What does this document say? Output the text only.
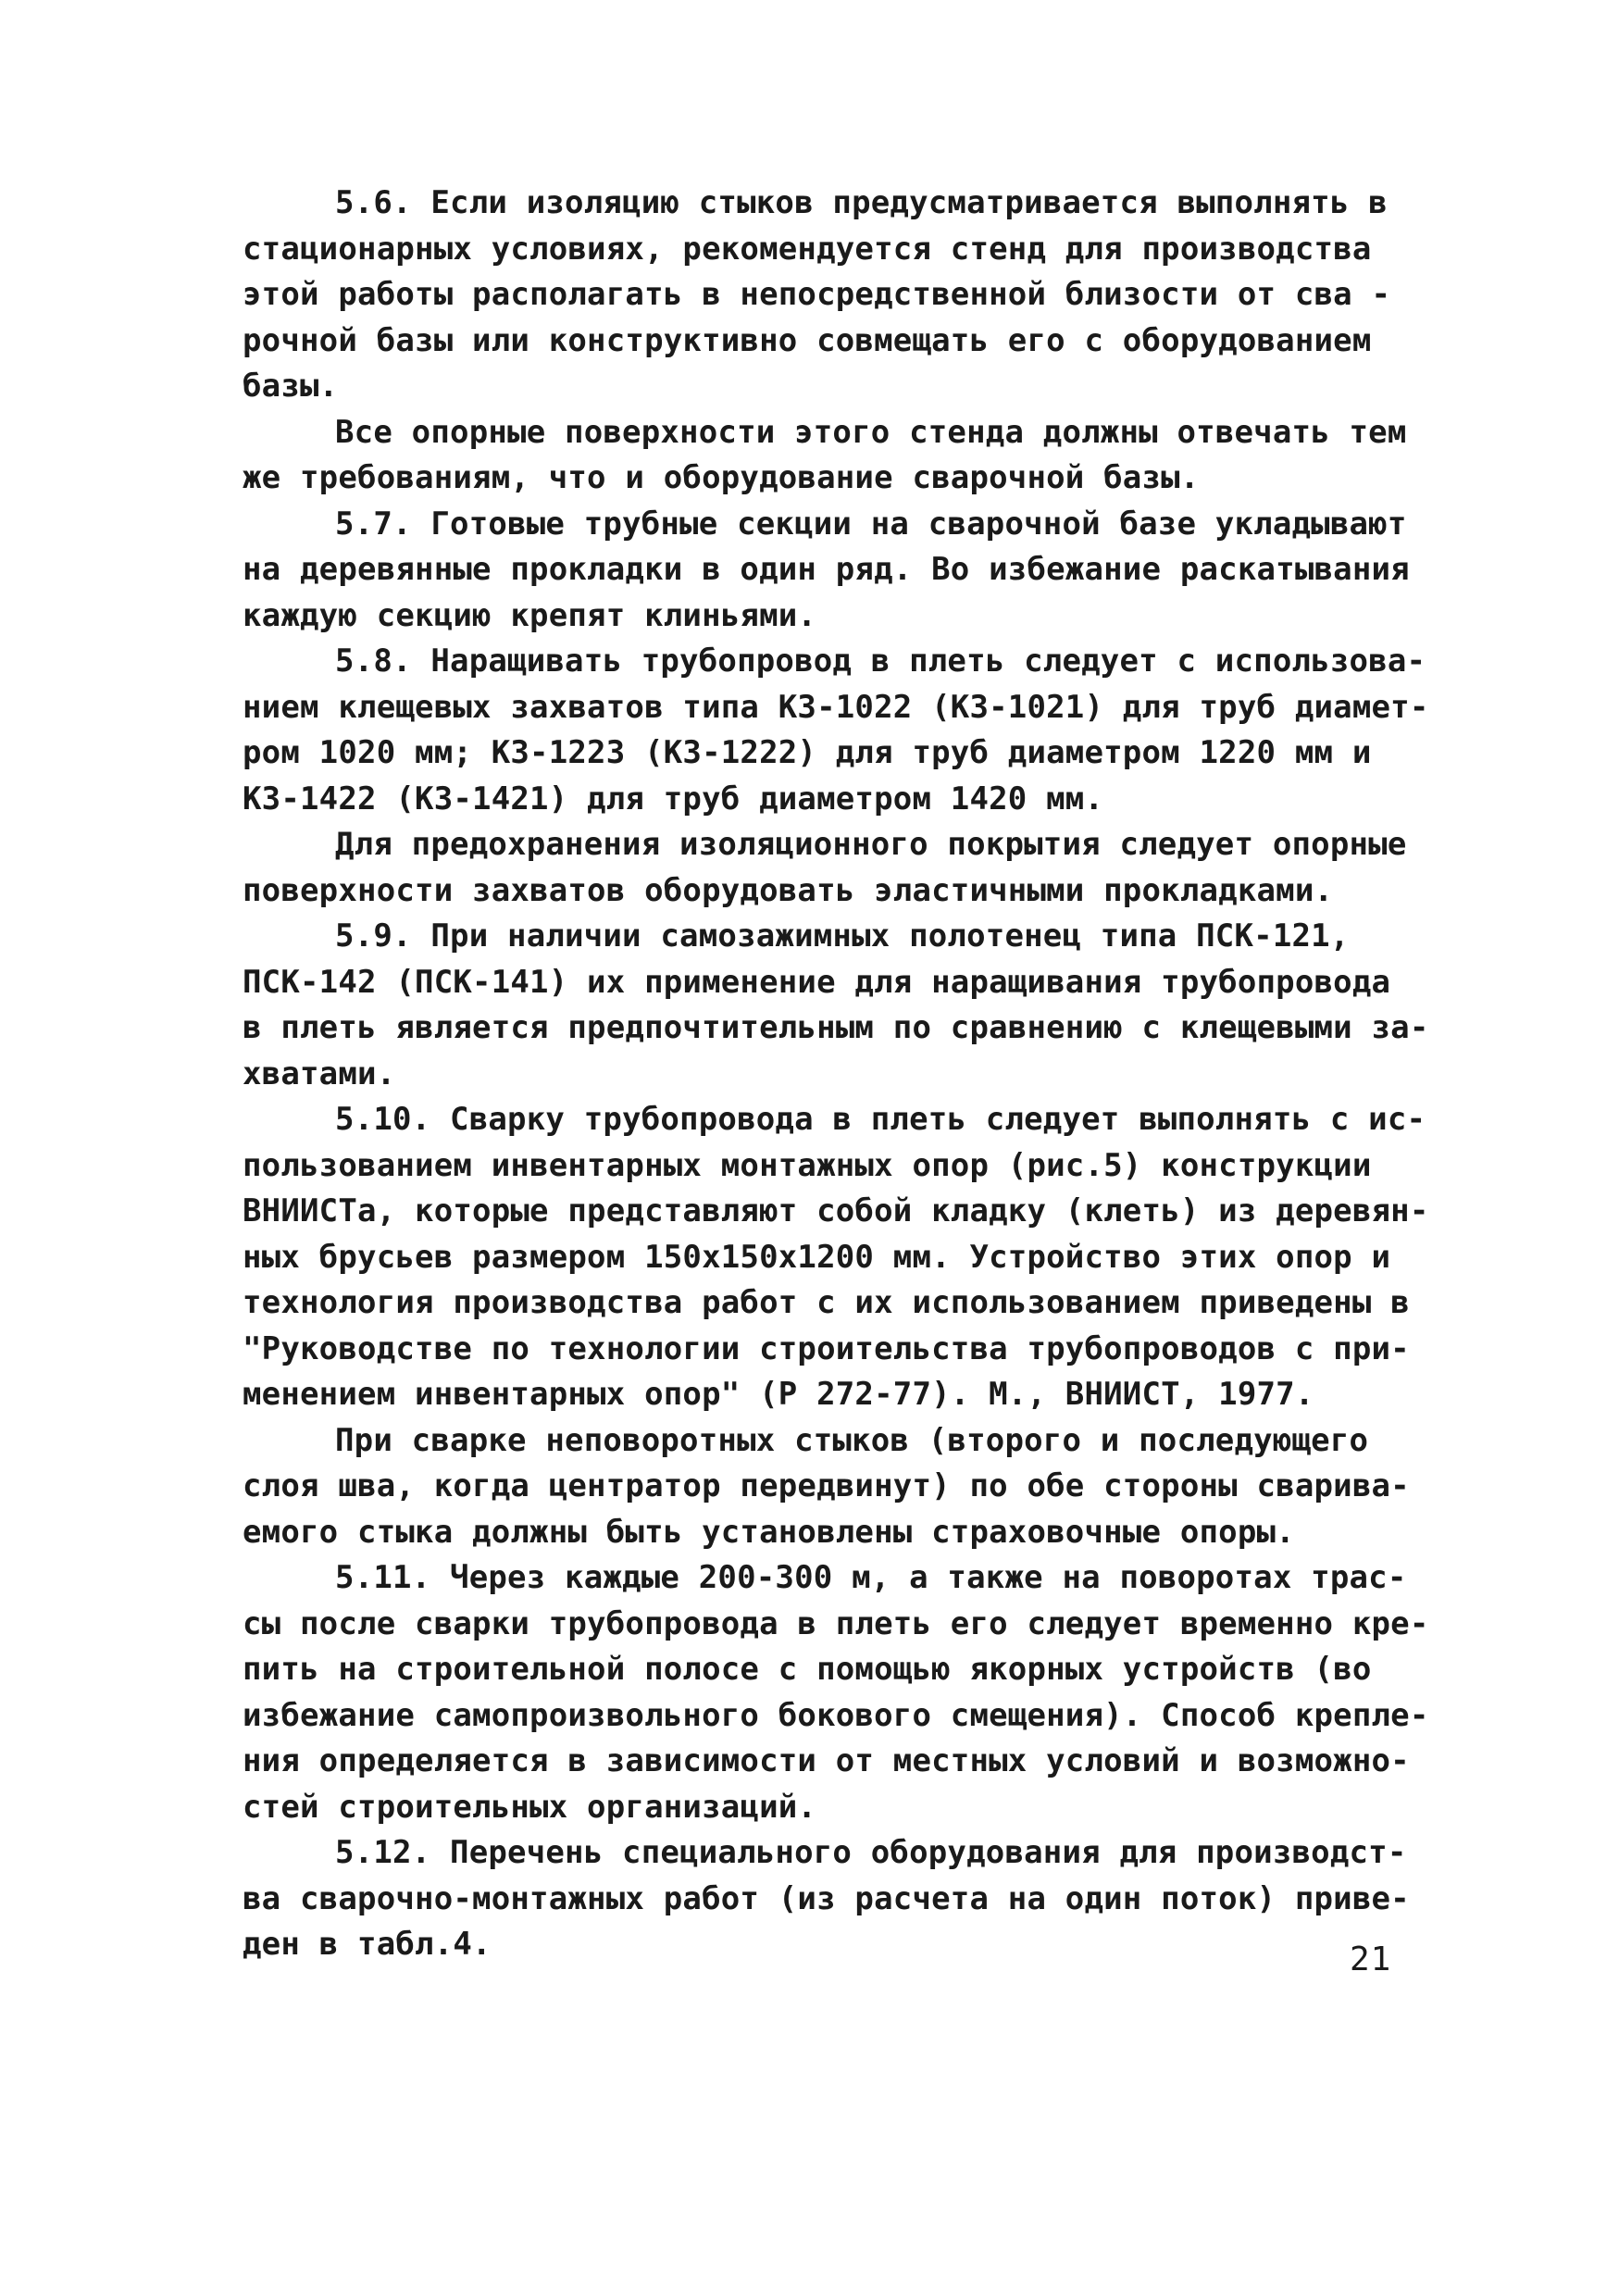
5.6. Если изоляцию стыков предусматривается выполнять в
стационарных условиях, рекомендуется стенд для производства
этой работы располагать в непосредственной близости от сва -
рочной базы или конструктивно совмещать его с оборудованием
базы.
Все опорные поверхности этого стенда должны отвечать тем
же требованиям, что и оборудование сварочной базы.
5.7. Готовые трубные секции на сварочной базе укладывают
на деревянные прокладки в один ряд. Во избежание раскатывания
каждую секцию крепят клиньями.
5.8. Наращивать трубопровод в плеть следует с использова-
нием клещевых захватов типа КЗ-1022 (КЗ-1021) для труб диамет-
ром 1020 мм; КЗ-1223 (КЗ-1222) для труб диаметром 1220 мм и
КЗ-1422 (КЗ-1421) для труб диаметром 1420 мм.
Для предохранения изоляционного покрытия следует опорные
поверхности захватов оборудовать эластичными прокладками.
5.9. При наличии самозажимных полотенец типа ПСК-121,
ПСК-142 (ПСК-141) их применение для наращивания трубопровода
в плеть является предпочтительным по сравнению с клещевыми за-
хватами.
5.10. Сварку трубопровода в плеть следует выполнять с ис-
пользованием инвентарных монтажных опор (рис.5) конструкции
ВНИИСТа, которые представляют собой кладку (клеть) из деревян-
ных брусьев размером 150х150х1200 мм. Устройство этих опор и
технология производства работ с их использованием приведены в
"Руководстве по технологии строительства трубопроводов с при-
менением инвентарных опор" (Р 272-77). М., ВНИИСТ, 1977.
При сварке неповоротных стыков (второго и последующего
слоя шва, когда центратор передвинут) по обе стороны сварива-
емого стыка должны быть установлены страховочные опоры.
5.11. Через каждые 200-300 м, а также на поворотах трас-
сы после сварки трубопровода в плеть его следует временно кре-
пить на строительной полосе с помощью якорных устройств (во
избежание самопроизвольного бокового смещения). Способ крепле-
ния определяется в зависимости от местных условий и возможно-
стей строительных организаций.
5.12. Перечень специального оборудования для производст-
ва сварочно-монтажных работ (из расчета на один поток) приве-
ден в табл.4.	21
